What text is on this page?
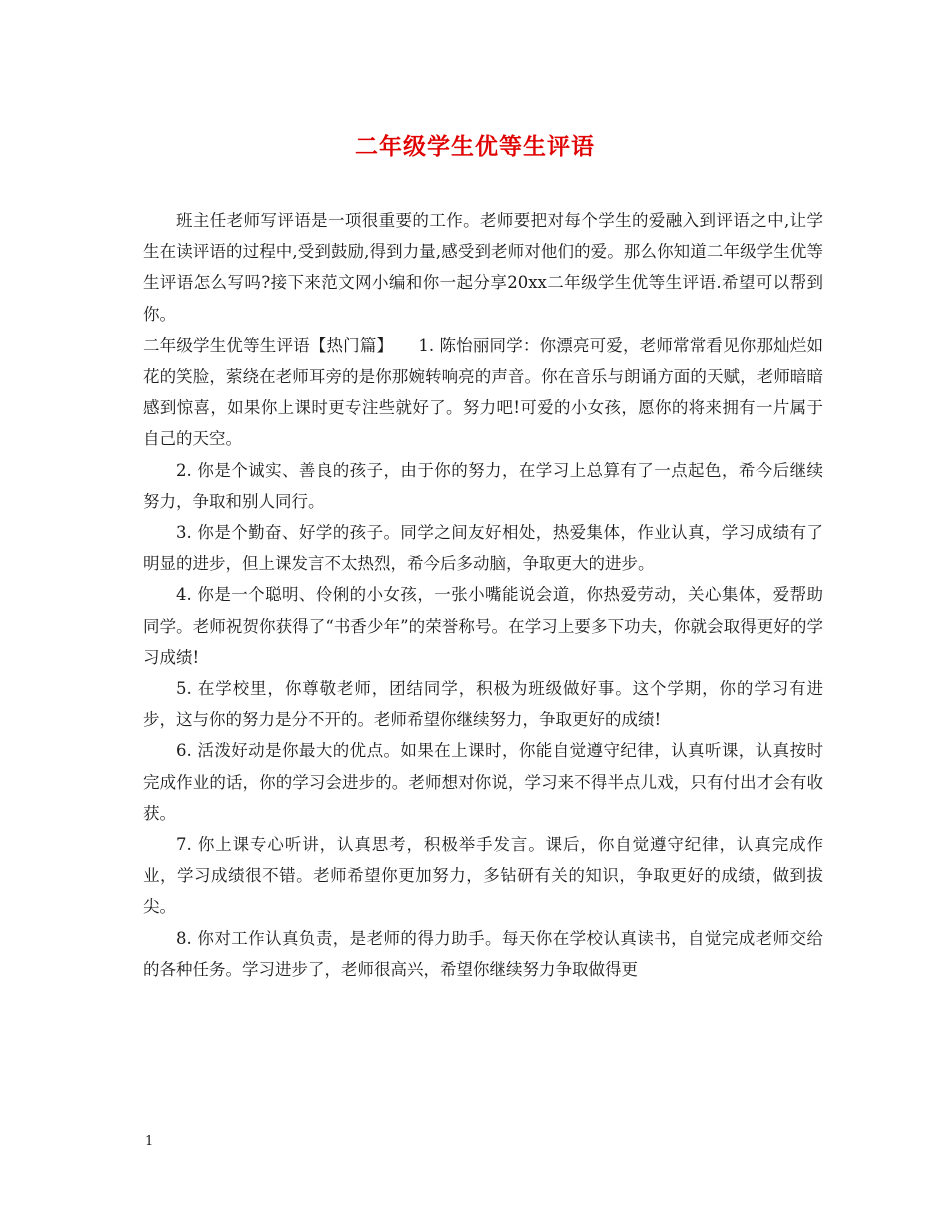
二年级学生优等生评语

班主任老师写评语是一项很重要的工作。老师要把对每个学生的爱融入到评语之中,让学生在读评语的过程中,受到鼓励,得到力量,感受到老师对他们的爱。那么你知道二年级学生优等生评语怎么写吗?接下来范文网小编和你一起分享20xx二年级学生优等生评语.希望可以帮到你。

二年级学生优等生评语【热门篇】　　1. 陈怡丽同学：你漂亮可爱，老师常常看见你那灿烂如花的笑脸，萦绕在老师耳旁的是你那婉转响亮的声音。你在音乐与朗诵方面的天赋，老师暗暗感到惊喜，如果你上课时更专注些就好了。努力吧!可爱的小女孩，愿你的将来拥有一片属于自己的天空。

2. 你是个诚实、善良的孩子，由于你的努力，在学习上总算有了一点起色，希今后继续努力，争取和别人同行。

3. 你是个勤奋、好学的孩子。同学之间友好相处，热爱集体，作业认真，学习成绩有了明显的进步，但上课发言不太热烈，希今后多动脑，争取更大的进步。

4. 你是一个聪明、伶俐的小女孩，一张小嘴能说会道，你热爱劳动，关心集体，爱帮助同学。老师祝贺你获得了“书香少年”的荣誉称号。在学习上要多下功夫，你就会取得更好的学习成绩!

5. 在学校里，你尊敬老师，团结同学，积极为班级做好事。这个学期，你的学习有进步，这与你的努力是分不开的。老师希望你继续努力，争取更好的成绩!

6. 活泼好动是你最大的优点。如果在上课时，你能自觉遵守纪律，认真听课，认真按时完成作业的话，你的学习会进步的。老师想对你说，学习来不得半点儿戏，只有付出才会有收获。

7. 你上课专心听讲，认真思考，积极举手发言。课后，你自觉遵守纪律，认真完成作业，学习成绩很不错。老师希望你更加努力，多钻研有关的知识，争取更好的成绩，做到拔尖。

8. 你对工作认真负责，是老师的得力助手。每天你在学校认真读书，自觉完成老师交给的各种任务。学习进步了，老师很高兴，希望你继续努力争取做得更

1
